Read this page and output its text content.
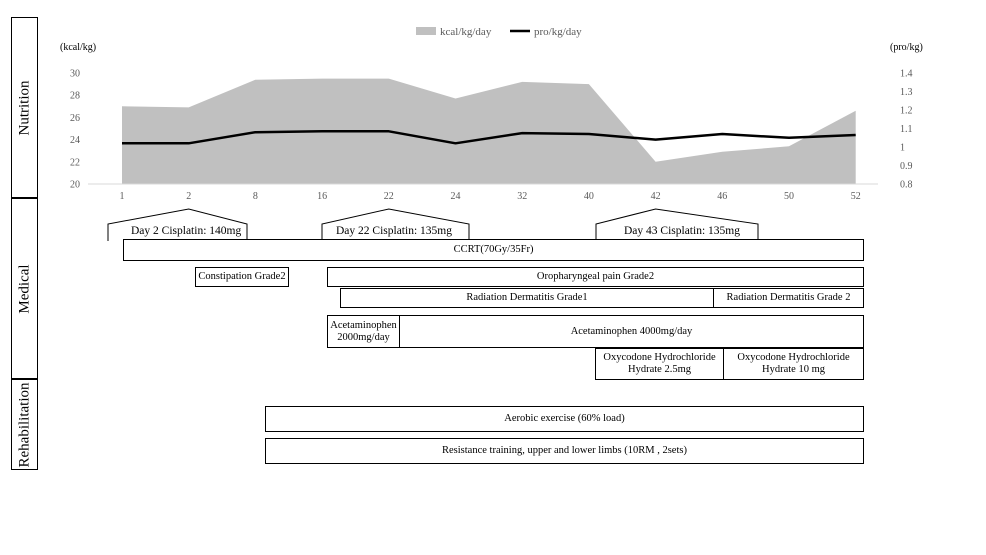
Nutrition
Medical
Rehabilitation
1	2	8	16	22	24	32	40	42	46	50	52
20
22
24
26
28
30
0.8
0.9
1
1.1
1.2
1.3
1.4
kcal/kg/day	pro/kg/day
(kcal/kg)	(pro/kg)
Day 2 Cisplatin: 140mg	Day 22 Cisplatin: 135mg	Day 43 Cisplatin: 135mg
CCRT(70Gy/35Fr)
Constipation Grade2	Oropharyngeal pain Grade2
Radiation Dermatitis Grade1	Radiation Dermatitis Grade 2
Acetaminophen
2000mg/day
Acetaminophen 4000mg/day
Oxycodone Hydrochloride
Hydrate 2.5mg
Oxycodone Hydrochloride
Hydrate 10 mg
Aerobic exercise (60% load)
Resistance training, upper and lower limbs (10RM , 2sets)
